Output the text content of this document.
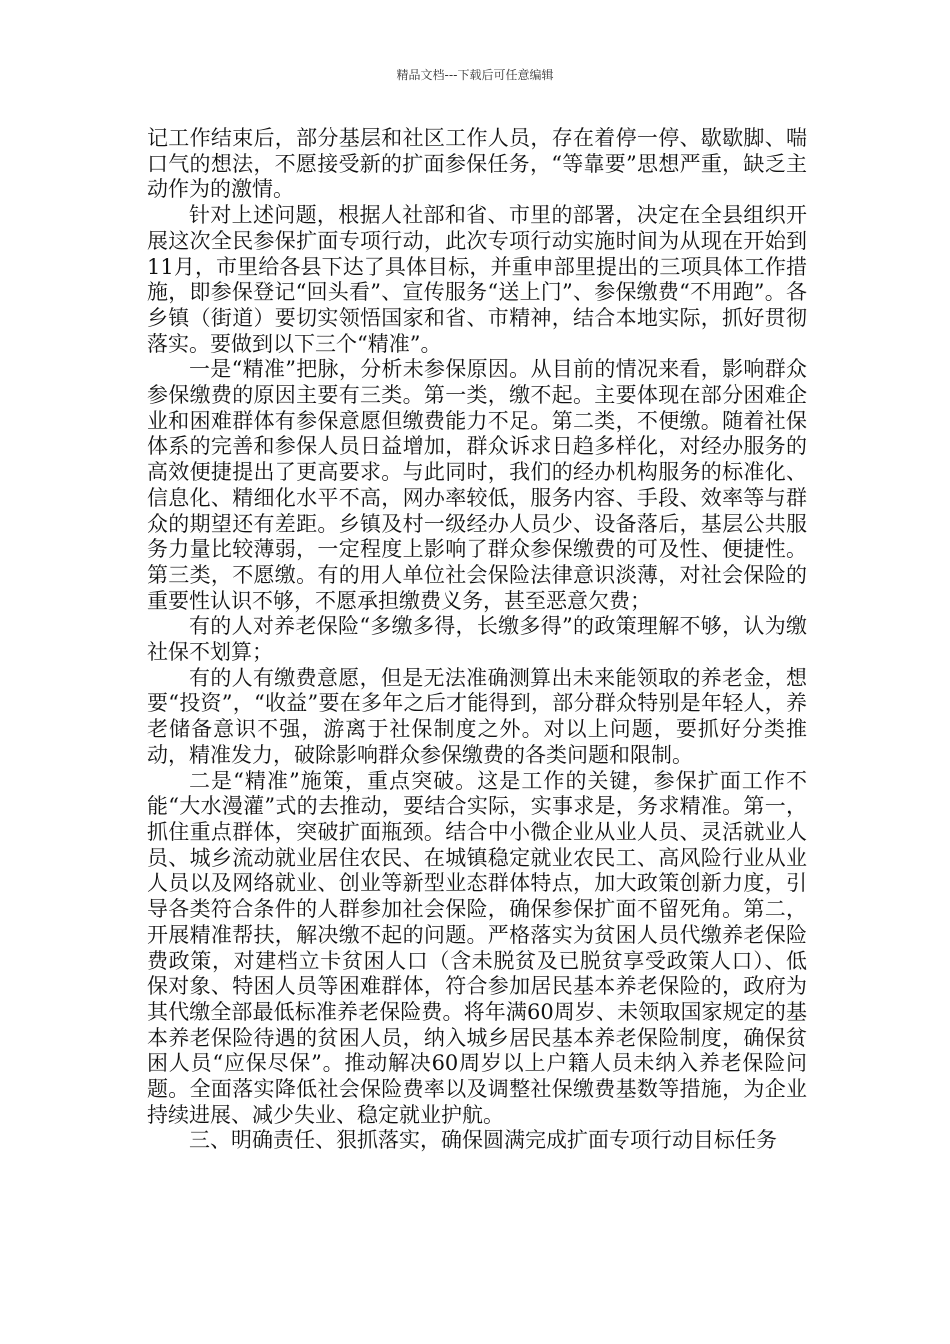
精品文档---下载后可任意编辑

记工作结束后，部分基层和社区工作人员，存在着停一停、歇歇脚、喘口气的想法，不愿接受新的扩面参保任务，“等靠要”思想严重，缺乏主动作为的激情。

针对上述问题，根据人社部和省、市里的部署，决定在全县组织开展这次全民参保扩面专项行动，此次专项行动实施时间为从现在开始到11月，市里给各县下达了具体目标，并重申部里提出的三项具体工作措施，即参保登记“回头看”、宣传服务“送上门”、参保缴费“不用跑”。各乡镇（街道）要切实领悟国家和省、市精神，结合本地实际，抓好贯彻落实。要做到以下三个“精准”。

一是“精准”把脉，分析未参保原因。从目前的情况来看，影响群众参保缴费的原因主要有三类。第一类，缴不起。主要体现在部分困难企业和困难群体有参保意愿但缴费能力不足。第二类，不便缴。随着社保体系的完善和参保人员日益增加，群众诉求日趋多样化，对经办服务的高效便捷提出了更高要求。与此同时，我们的经办机构服务的标准化、信息化、精细化水平不高，网办率较低，服务内容、手段、效率等与群众的期望还有差距。乡镇及村一级经办人员少、设备落后，基层公共服务力量比较薄弱，一定程度上影响了群众参保缴费的可及性、便捷性。第三类，不愿缴。有的用人单位社会保险法律意识淡薄，对社会保险的重要性认识不够，不愿承担缴费义务，甚至恶意欠费；

有的人对养老保险“多缴多得，长缴多得”的政策理解不够，认为缴社保不划算；

有的人有缴费意愿，但是无法准确测算出未来能领取的养老金，想要“投资”，“收益”要在多年之后才能得到，部分群众特别是年轻人，养老储备意识不强，游离于社保制度之外。对以上问题，要抓好分类推动，精准发力，破除影响群众参保缴费的各类问题和限制。

二是“精准”施策，重点突破。这是工作的关键，参保扩面工作不能“大水漫灌”式的去推动，要结合实际，实事求是，务求精准。第一，抓住重点群体，突破扩面瓶颈。结合中小微企业从业人员、灵活就业人员、城乡流动就业居住农民、在城镇稳定就业农民工、高风险行业从业人员以及网络就业、创业等新型业态群体特点，加大政策创新力度，引导各类符合条件的人群参加社会保险，确保参保扩面不留死角。第二，开展精准帮扶，解决缴不起的问题。严格落实为贫困人员代缴养老保险费政策，对建档立卡贫困人口（含未脱贫及已脱贫享受政策人口）、低保对象、特困人员等困难群体，符合参加居民基本养老保险的，政府为其代缴全部最低标准养老保险费。将年满60周岁、未领取国家规定的基本养老保险待遇的贫困人员，纳入城乡居民基本养老保险制度，确保贫困人员“应保尽保”。推动解决60周岁以上户籍人员未纳入养老保险问题。全面落实降低社会保险费率以及调整社保缴费基数等措施，为企业持续进展、减少失业、稳定就业护航。

三、明确责任、狠抓落实，确保圆满完成扩面专项行动目标任务
